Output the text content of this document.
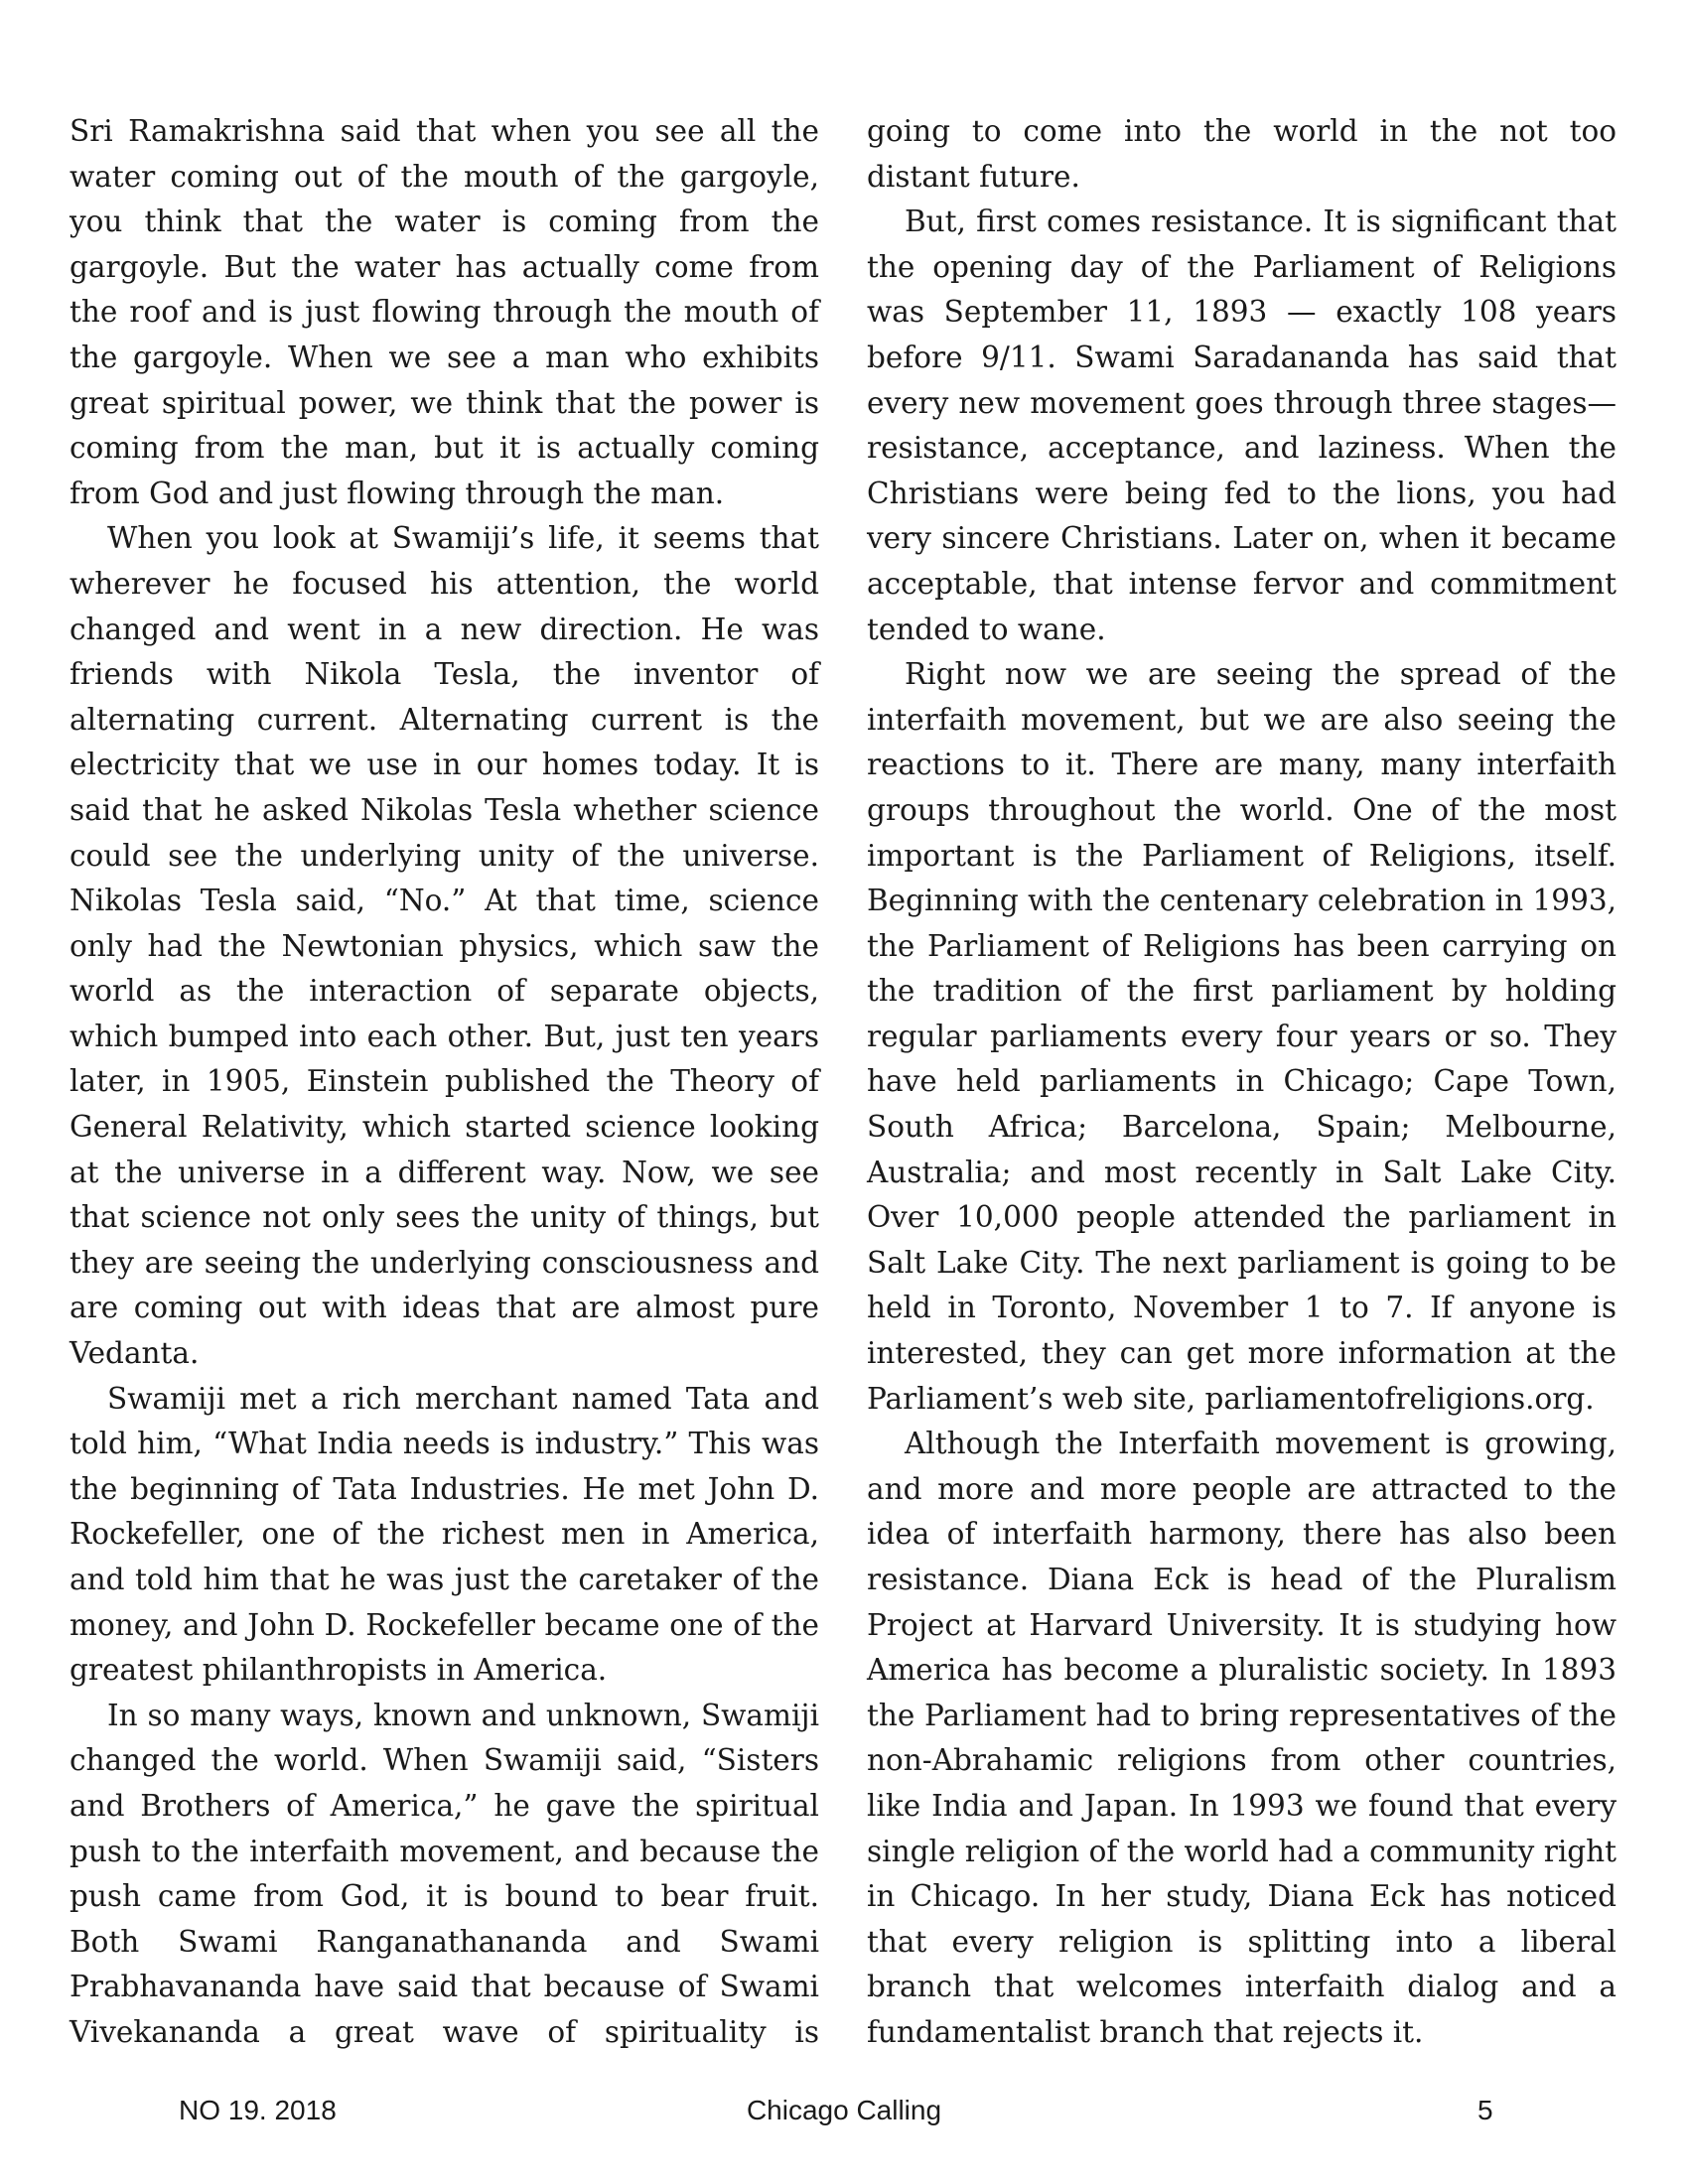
Sri Ramakrishna said that when you see all the water coming out of the mouth of the gargoyle, you think that the water is coming from the gargoyle. But the water has actually come from the roof and is just flowing through the mouth of the gargoyle. When we see a man who exhibits great spiritual power, we think that the power is coming from the man, but it is actually coming from God and just flowing through the man.

When you look at Swamiji’s life, it seems that wherever he focused his attention, the world changed and went in a new direction. He was friends with Nikola Tesla, the inventor of alternating current. Alternating current is the electricity that we use in our homes today. It is said that he asked Nikolas Tesla whether science could see the underlying unity of the universe. Nikolas Tesla said, “No.” At that time, science only had the Newtonian physics, which saw the world as the interaction of separate objects, which bumped into each other. But, just ten years later, in 1905, Einstein published the Theory of General Relativity, which started science looking at the universe in a different way. Now, we see that science not only sees the unity of things, but they are seeing the underlying consciousness and are coming out with ideas that are almost pure Vedanta.

Swamiji met a rich merchant named Tata and told him, “What India needs is industry.” This was the beginning of Tata Industries. He met John D. Rockefeller, one of the richest men in America, and told him that he was just the caretaker of the money, and John D. Rockefeller became one of the greatest philanthropists in America.

In so many ways, known and unknown, Swamiji changed the world. When Swamiji said, “Sisters and Brothers of America,” he gave the spiritual push to the interfaith movement, and because the push came from God, it is bound to bear fruit. Both Swami Ranganathananda and Swami Prabhavananda have said that because of Swami Vivekananda a great wave of spirituality is

going to come into the world in the not too distant future.

But, first comes resistance. It is significant that the opening day of the Parliament of Religions was September 11, 1893 — exactly 108 years before 9/11. Swami Saradananda has said that every new movement goes through three stages—resistance, acceptance, and laziness. When the Christians were being fed to the lions, you had very sincere Christians. Later on, when it became acceptable, that intense fervor and commitment tended to wane.

Right now we are seeing the spread of the interfaith movement, but we are also seeing the reactions to it. There are many, many interfaith groups throughout the world. One of the most important is the Parliament of Religions, itself. Beginning with the centenary celebration in 1993, the Parliament of Religions has been carrying on the tradition of the first parliament by holding regular parliaments every four years or so. They have held parliaments in Chicago; Cape Town, South Africa; Barcelona, Spain; Melbourne, Australia; and most recently in Salt Lake City. Over 10,000 people attended the parliament in Salt Lake City. The next parliament is going to be held in Toronto, November 1 to 7. If anyone is interested, they can get more information at the Parliament’s web site, parliamentofreligions.org.

Although the Interfaith movement is growing, and more and more people are attracted to the idea of interfaith harmony, there has also been resistance. Diana Eck is head of the Pluralism Project at Harvard University. It is studying how America has become a pluralistic society. In 1893 the Parliament had to bring representatives of the non-Abrahamic religions from other countries, like India and Japan. In 1993 we found that every single religion of the world had a community right in Chicago. In her study, Diana Eck has noticed that every religion is splitting into a liberal branch that welcomes interfaith dialog and a fundamentalist branch that rejects it.

Chicago Calling
NO 19. 2018	5
